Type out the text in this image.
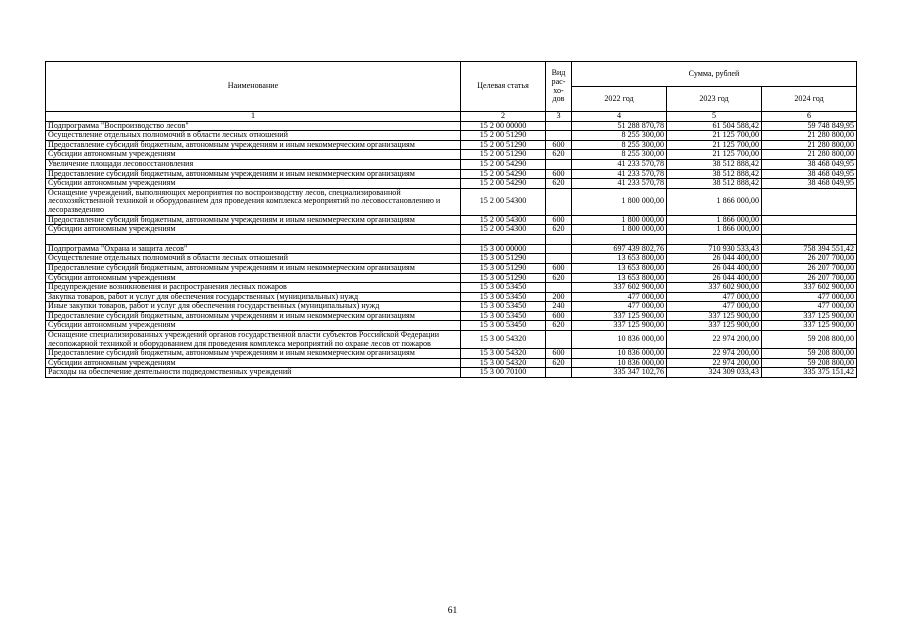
Наименование	Целевая статья	Вид рас- хо- дов	Сумма, рублей		
			2022 год	2023 год	2024 год
1	2	3	4	5	6
Подпрограмма "Воспроизводство лесов"	15 2 00 00000		51 288 870,78	61 504 588,42	59 748 849,95
Осуществление отдельных полномочий в области лесных отношений	15 2 00 51290		8 255 300,00	21 125 700,00	21 280 800,00
Предоставление субсидий бюджетным, автономным учреждениям и иным некоммерческим организациям	15 2 00 51290	600	8 255 300,00	21 125 700,00	21 280 800,00
Субсидии автономным учреждениям	15 2 00 51290	620	8 255 300,00	21 125 700,00	21 280 800,00
Увеличение площади лесовосстановления	15 2 00 54290		41 233 570,78	38 512 888,42	38 468 049,95
Предоставление субсидий бюджетным, автономным учреждениям и иным некоммерческим организациям	15 2 00 54290	600	41 233 570,78	38 512 888,42	38 468 049,95
Субсидии автономным учреждениям	15 2 00 54290	620	41 233 570,78	38 512 888,42	38 468 049,95
Оснащение учреждений, выполняющих мероприятия по воспроизводству лесов, специализированной лесохозяйственной техникой и оборудованием для проведения комплекса мероприятий по лесовосстановлению и лесоразведению	15 2 00 54300		1 800 000,00	1 866 000,00	
Предоставление субсидий бюджетным, автономным учреждениям и иным некоммерческим организациям	15 2 00 54300	600	1 800 000,00	1 866 000,00	
Субсидии автономным учреждениям	15 2 00 54300	620	1 800 000,00	1 866 000,00	

Подпрограмма "Охрана и защита лесов"	15 3 00 00000		697 439 802,76	710 930 533,43	758 394 551,42
Осуществление отдельных полномочий в области лесных отношений	15 3 00 51290		13 653 800,00	26 044 400,00	26 207 700,00
Предоставление субсидий бюджетным, автономным учреждениям и иным некоммерческим организациям	15 3 00 51290	600	13 653 800,00	26 044 400,00	26 207 700,00
Субсидии автономным учреждениям	15 3 00 51290	620	13 653 800,00	26 044 400,00	26 207 700,00
Предупреждение возникновения и распространения лесных пожаров	15 3 00 53450		337 602 900,00	337 602 900,00	337 602 900,00
Закупка товаров, работ и услуг для обеспечения государственных (муниципальных) нужд	15 3 00 53450	200	477 000,00	477 000,00	477 000,00
Иные закупки товаров, работ и услуг для обеспечения государственных (муниципальных) нужд	15 3 00 53450	240	477 000,00	477 000,00	477 000,00
Предоставление субсидий бюджетным, автономным учреждениям и иным некоммерческим организациям	15 3 00 53450	600	337 125 900,00	337 125 900,00	337 125 900,00
Субсидии автономным учреждениям	15 3 00 53450	620	337 125 900,00	337 125 900,00	337 125 900,00
Оснащение специализированных учреждений органов государственной власти субъектов Российской Федерации лесопожарной техникой и оборудованием для проведения комплекса мероприятий по охране лесов от пожаров	15 3 00 54320		10 836 000,00	22 974 200,00	59 208 800,00
Предоставление субсидий бюджетным, автономным учреждениям и иным некоммерческим организациям	15 3 00 54320	600	10 836 000,00	22 974 200,00	59 208 800,00
Субсидии автономным учреждениям	15 3 00 54320	620	10 836 000,00	22 974 200,00	59 208 800,00
Расходы на обеспечение деятельности подведомственных учреждений	15 3 00 70100		335 347 102,76	324 309 033,43	335 375 151,42
61
